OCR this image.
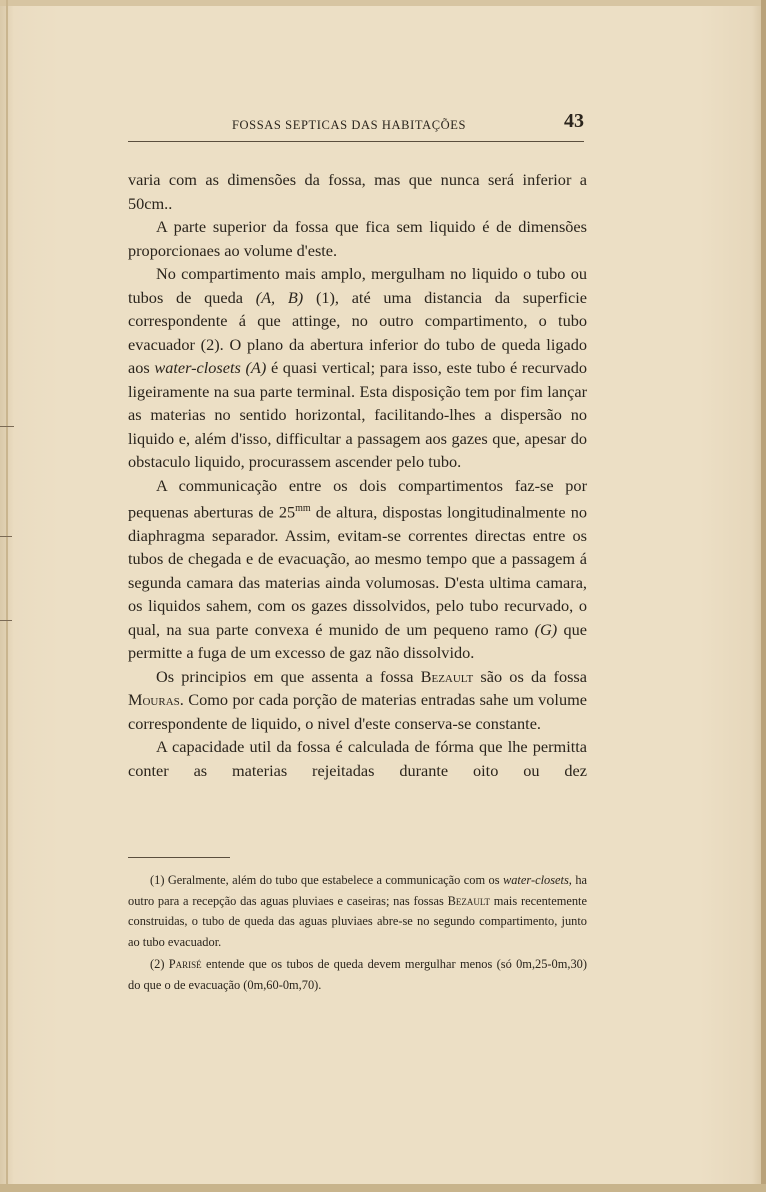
FOSSAS SEPTICAS DAS HABITAÇÕES	43

varia com as dimensões da fossa, mas que nunca será inferior a 50cm..

A parte superior da fossa que fica sem liquido é de dimensões proporcionaes ao volume d'este.

No compartimento mais amplo, mergulham no liquido o tubo ou tubos de queda (A, B) (1), até uma distancia da superficie correspondente á que attinge, no outro compartimento, o tubo evacuador (2). O plano da abertura inferior do tubo de queda ligado aos water-closets (A) é quasi vertical; para isso, este tubo é recurvado ligeiramente na sua parte terminal. Esta disposição tem por fim lançar as materias no sentido horizontal, facilitando-lhes a dispersão no liquido e, além d'isso, difficultar a passagem aos gazes que, apesar do obstaculo liquido, procurassem ascender pelo tubo.

A communicação entre os dois compartimentos faz-se por pequenas aberturas de $25^{mm}$ de altura, dispostas longitudinalmente no diaphragma separador. Assim, evitam-se correntes directas entre os tubos de chegada e de evacuação, ao mesmo tempo que a passagem á segunda camara das materias ainda volumosas. D'esta ultima camara, os liquidos sahem, com os gazes dissolvidos, pelo tubo recurvado, o qual, na sua parte convexa é munido de um pequeno ramo (G) que permitte a fuga de um excesso de gaz não dissolvido.

Os principios em que assenta a fossa Bezault são os da fossa Mouras. Como por cada porção de materias entradas sahe um volume correspondente de liquido, o nivel d'este conserva-se constante.

A capacidade util da fossa é calculada de fórma que lhe permitta conter as materias rejeitadas durante oito ou dez

(1) Geralmente, além do tubo que estabelece a communicação com os water-closets, ha outro para a recepção das aguas pluviaes e caseiras; nas fossas Bezault mais recentemente construidas, o tubo de queda das aguas pluviaes abre-se no segundo compartimento, junto ao tubo evacuador.

(2) Parisé entende que os tubos de queda devem mergulhar menos (só 0m,25-0m,30) do que o de evacuação (0m,60-0m,70).
